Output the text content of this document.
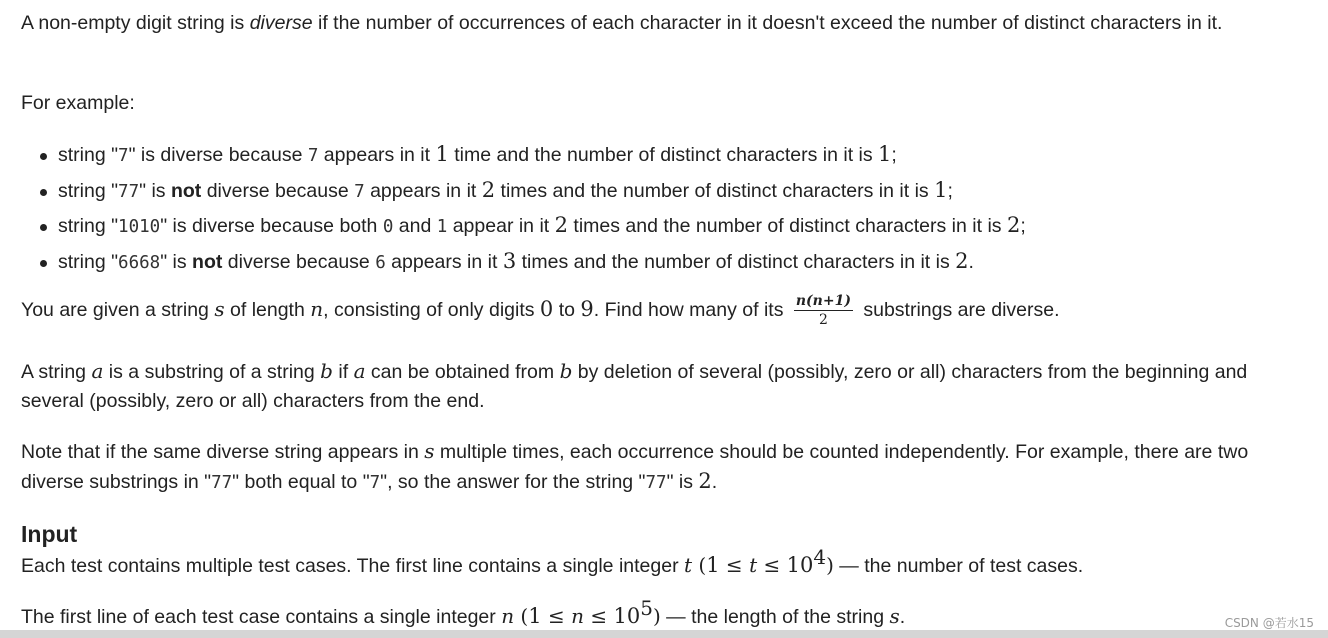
A non-empty digit string is diverse if the number of occurrences of each character in it doesn't exceed the number of distinct characters in it.

For example:

string "7" is diverse because 7 appears in it 1 time and the number of distinct characters in it is 1;
string "77" is not diverse because 7 appears in it 2 times and the number of distinct characters in it is 1;
string "1010" is diverse because both 0 and 1 appear in it 2 times and the number of distinct characters in it is 2;
string "6668" is not diverse because 6 appears in it 3 times and the number of distinct characters in it is 2.

You are given a string s of length n, consisting of only digits 0 to 9. Find how many of its $\frac{n(n+1)}{2}$ substrings are diverse.

A string a is a substring of a string b if a can be obtained from b by deletion of several (possibly, zero or all) characters from the beginning and several (possibly, zero or all) characters from the end.

Note that if the same diverse string appears in s multiple times, each occurrence should be counted independently. For example, there are two diverse substrings in "77" both equal to "7", so the answer for the string "77" is 2.

Input

Each test contains multiple test cases. The first line contains a single integer t $(1 \le t \le 10^4)$ — the number of test cases.

The first line of each test case contains a single integer n $(1 \le n \le 10^5)$ — the length of the string s.	CSDN @若水15
